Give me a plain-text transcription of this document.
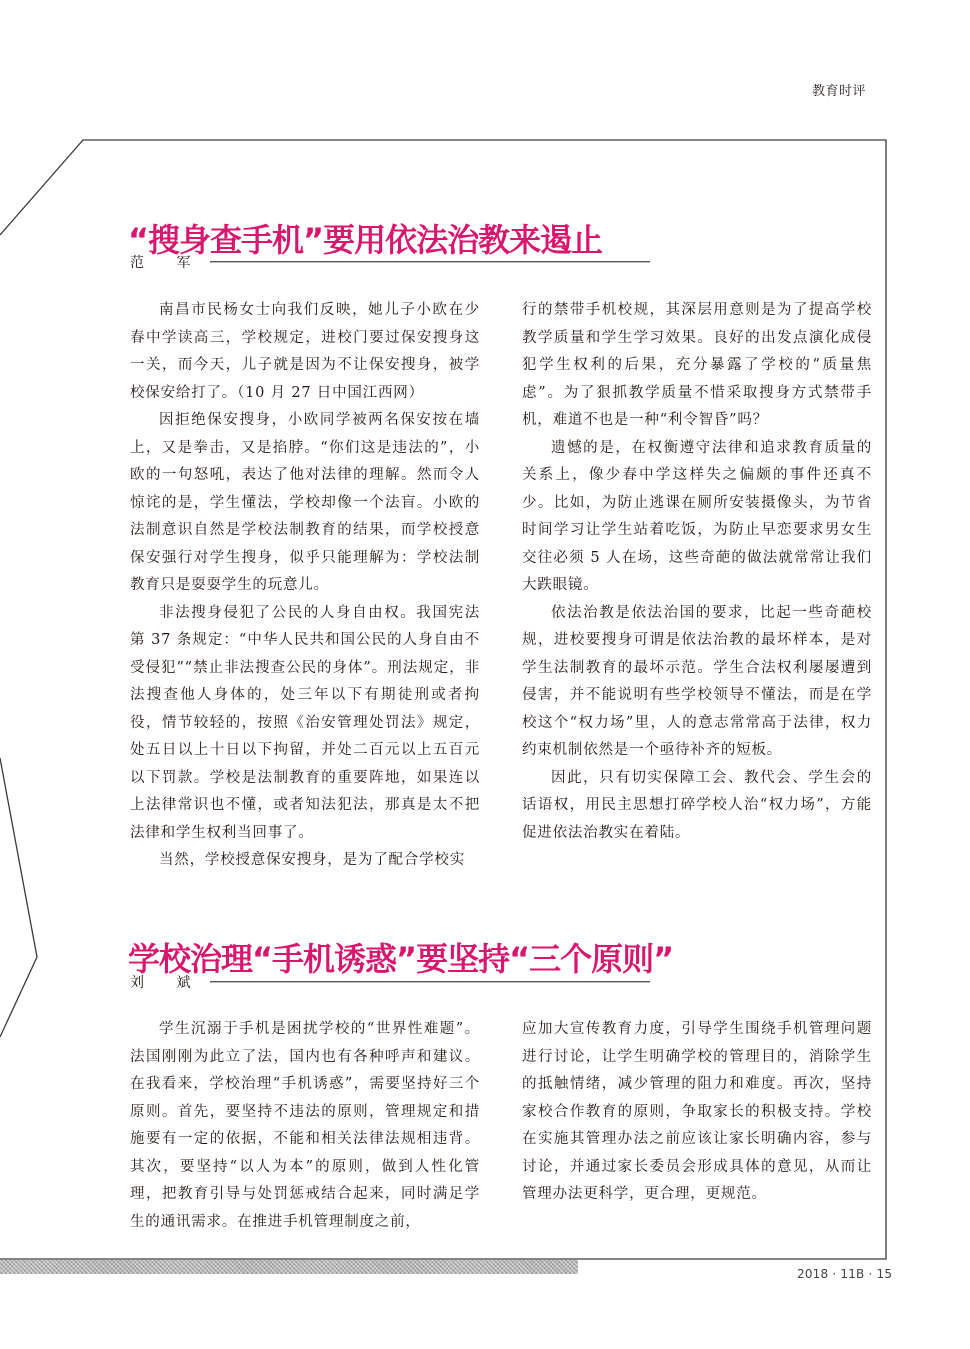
教育时评
“搜身查手机”要用依法治教来遏止
范 军

南昌市民杨女士向我们反映，她儿子小欧在少春中学读高三，学校规定，进校门要过保安搜身这一关，而今天，儿子就是因为不让保安搜身，被学校保安给打了。（10 月 27 日中国江西网）

因拒绝保安搜身，小欧同学被两名保安按在墙上，又是拳击，又是掐脖。“你们这是违法的”，小欧的一句怒吼，表达了他对法律的理解。然而令人惊诧的是，学生懂法，学校却像一个法盲。小欧的法制意识自然是学校法制教育的结果，而学校授意保安强行对学生搜身，似乎只能理解为：学校法制教育只是耍耍学生的玩意儿。

非法搜身侵犯了公民的人身自由权。我国宪法第 37 条规定：“中华人民共和国公民的人身自由不受侵犯”“禁止非法搜查公民的身体”。刑法规定，非法搜查他人身体的，处三年以下有期徒刑或者拘役，情节较轻的，按照《治安管理处罚法》规定，处五日以上十日以下拘留，并处二百元以上五百元以下罚款。学校是法制教育的重要阵地，如果连以上法律常识也不懂，或者知法犯法，那真是太不把法律和学生权利当回事了。

当然，学校授意保安搜身，是为了配合学校实

行的禁带手机校规，其深层用意则是为了提高学校教学质量和学生学习效果。良好的出发点演化成侵犯学生权利的后果，充分暴露了学校的“质量焦虑”。为了狠抓教学质量不惜采取搜身方式禁带手机，难道不也是一种“利令智昏”吗？

遗憾的是，在权衡遵守法律和追求教育质量的关系上，像少春中学这样失之偏颇的事件还真不少。比如，为防止逃课在厕所安装摄像头，为节省时间学习让学生站着吃饭，为防止早恋要求男女生交往必须 5 人在场，这些奇葩的做法就常常让我们大跌眼镜。

依法治教是依法治国的要求，比起一些奇葩校规，进校要搜身可谓是依法治教的最坏样本，是对学生法制教育的最坏示范。学生合法权利屡屡遭到侵害，并不能说明有些学校领导不懂法，而是在学校这个“权力场”里，人的意志常常高于法律，权力约束机制依然是一个亟待补齐的短板。

因此，只有切实保障工会、教代会、学生会的话语权，用民主思想打碎学校人治“权力场”，方能促进依法治教实在着陆。

学校治理“手机诱惑”要坚持“三个原则”
刘 斌

学生沉溺于手机是困扰学校的“世界性难题”。法国刚刚为此立了法，国内也有各种呼声和建议。在我看来，学校治理“手机诱惑”，需要坚持好三个原则。首先，要坚持不违法的原则，管理规定和措施要有一定的依据，不能和相关法律法规相违背。其次，要坚持“以人为本”的原则，做到人性化管理，把教育引导与处罚惩戒结合起来，同时满足学生的通讯需求。在推进手机管理制度之前，

应加大宣传教育力度，引导学生围绕手机管理问题进行讨论，让学生明确学校的管理目的，消除学生的抵触情绪，减少管理的阻力和难度。再次，坚持家校合作教育的原则，争取家长的积极支持。学校在实施其管理办法之前应该让家长明确内容，参与讨论，并通过家长委员会形成具体的意见，从而让管理办法更科学，更合理，更规范。

2018 · 11B · 15
